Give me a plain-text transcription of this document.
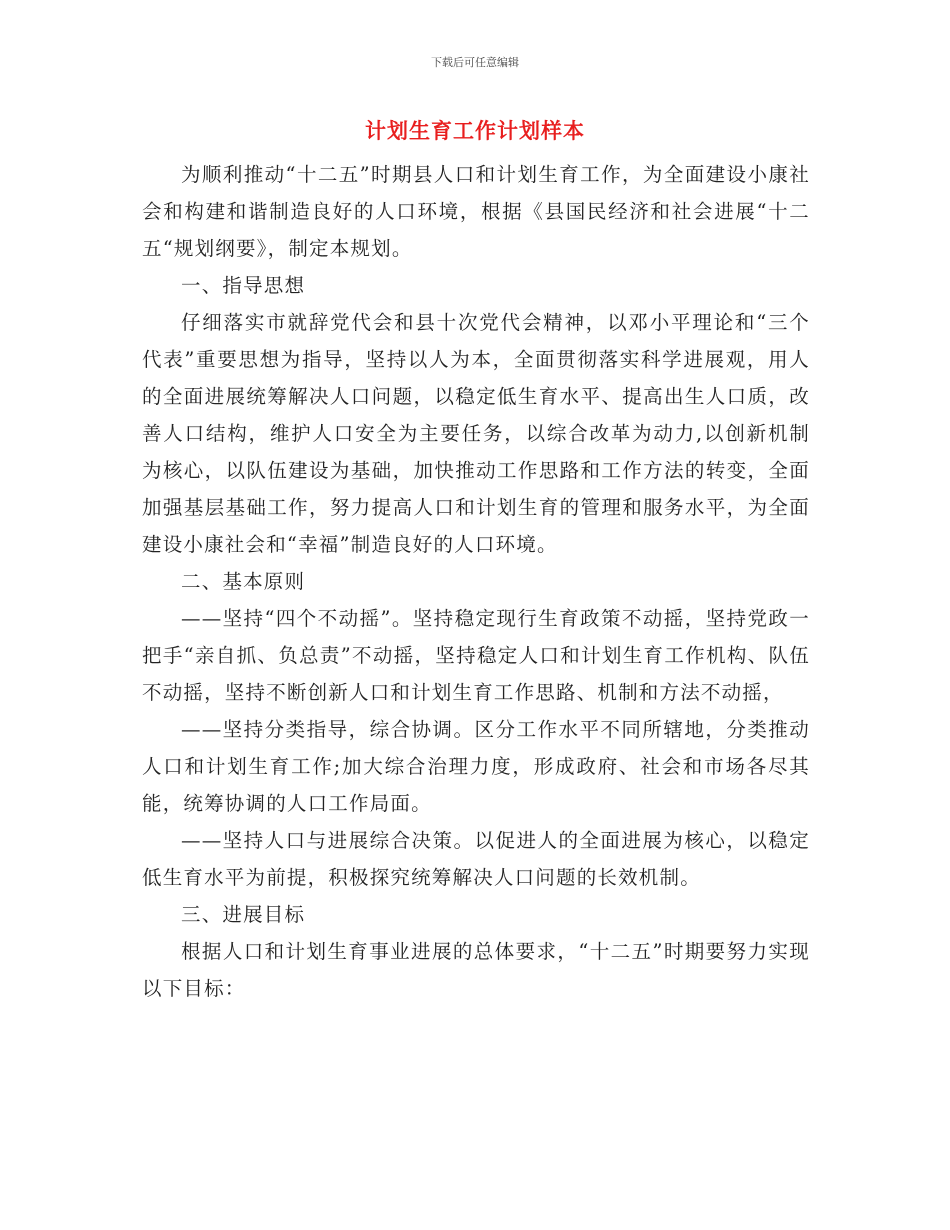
下载后可任意编辑
计划生育工作计划样本

为顺利推动“十二五”时期县人口和计划生育工作，为全面建设小康社会和构建和谐制造良好的人口环境，根据《县国民经济和社会进展“十二五“规划纲要》，制定本规划。

一、指导思想

仔细落实市就辞党代会和县十次党代会精神，以邓小平理论和“三个代表”重要思想为指导，坚持以人为本，全面贯彻落实科学进展观，用人的全面进展统筹解决人口问题，以稳定低生育水平、提高出生人口质，改善人口结构，维护人口安全为主要任务，以综合改革为动力,以创新机制为核心，以队伍建设为基础，加快推动工作思路和工作方法的转变，全面加强基层基础工作，努力提高人口和计划生育的管理和服务水平，为全面建设小康社会和“幸福”制造良好的人口环境。

二、基本原则

——坚持“四个不动摇”。坚持稳定现行生育政策不动摇，坚持党政一把手“亲自抓、负总责”不动摇，坚持稳定人口和计划生育工作机构、队伍不动摇，坚持不断创新人口和计划生育工作思路、机制和方法不动摇，

——坚持分类指导，综合协调。区分工作水平不同所辖地，分类推动人口和计划生育工作;加大综合治理力度，形成政府、社会和市场各尽其能，统筹协调的人口工作局面。

——坚持人口与进展综合决策。以促进人的全面进展为核心，以稳定低生育水平为前提，积极探究统筹解决人口问题的长效机制。

三、进展目标

根据人口和计划生育事业进展的总体要求，“十二五”时期要努力实现以下目标：
